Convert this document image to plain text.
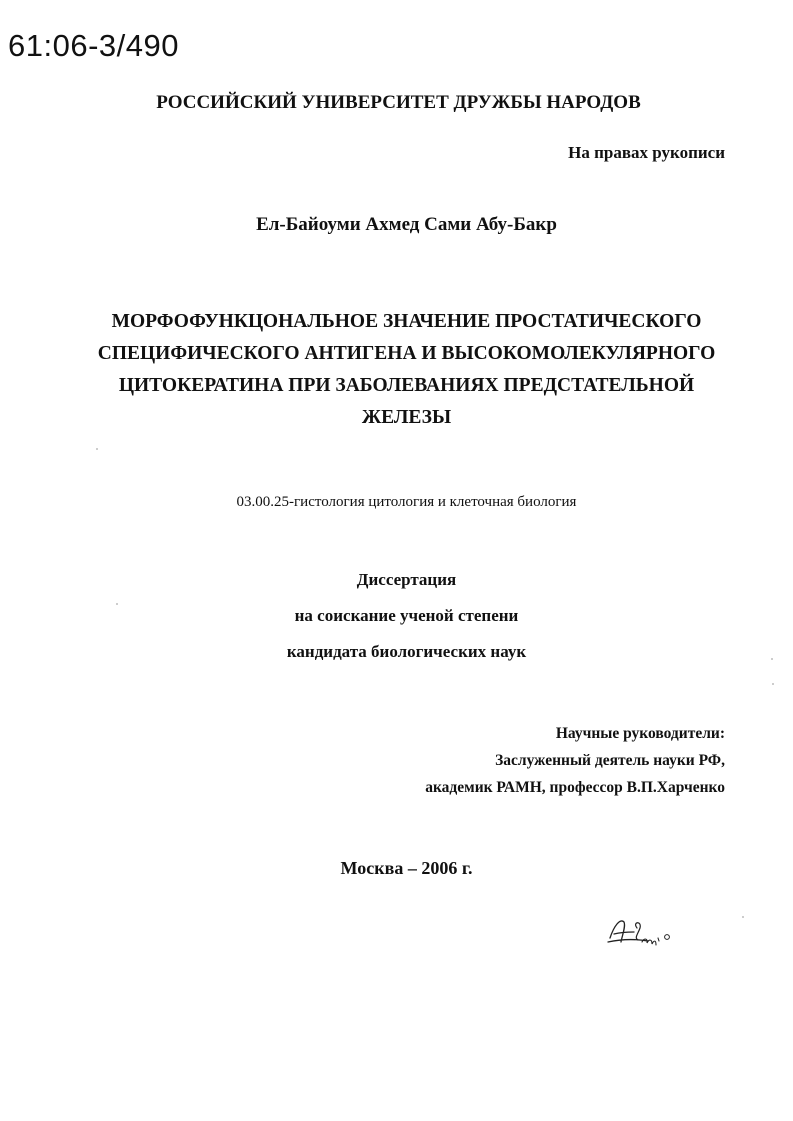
61:06-3/490
РОССИЙСКИЙ УНИВЕРСИТЕТ ДРУЖБЫ НАРОДОВ
На правах рукописи
Ел-Байоуми Ахмед Сами Абу-Бакр
МОРФОФУНКЦОНАЛЬНОЕ ЗНАЧЕНИЕ ПРОСТАТИЧЕСКОГО
СПЕЦИФИЧЕСКОГО АНТИГЕНА И ВЫСОКОМОЛЕКУЛЯРНОГО
ЦИТОКЕРАТИНА ПРИ ЗАБОЛЕВАНИЯХ ПРЕДСТАТЕЛЬНОЙ
ЖЕЛЕЗЫ
03.00.25-гистология цитология и клеточная биология
Диссертация
на соискание ученой степени
кандидата биологических наук
Научные руководители:
Заслуженный деятель науки РФ,
академик РАМН, профессор В.П.Харченко
Москва – 2006 г.
